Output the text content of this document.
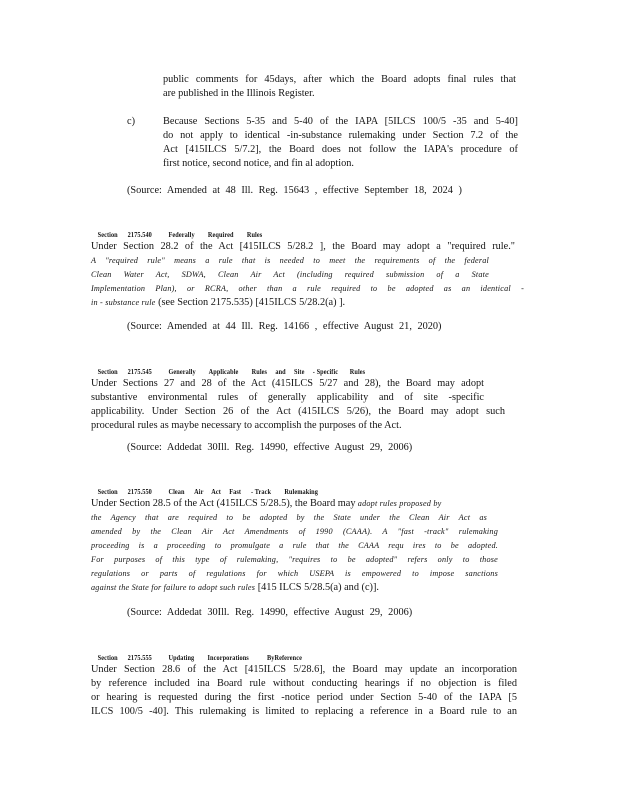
public comments for 45days, after which the Board adopts final rules that

are published in the Illinois Register.

c)	Because Sections 5-35 and 5-40 of the IAPA [5ILCS 100/5 -35 and 5-40]

do not apply to identical -in-substance rulemaking under Section 7.2 of the

Act [415ILCS 5/7.2], the Board does not follow the IAPA's procedure of

first notice, second notice, and fin al adoption.

(Source: Amended at 48 Ill. Reg. 15643 , effective September 18, 2024 )

Section 2175.540 Federally        Required        Rules

Under Section 28.2 of the Act [415ILCS 5/28.2 ], the Board may adopt a "required rule."

A "required rule" means a rule that is needed to meet the requirements of the federal

Clean Water Act, SDWA, Clean Air Act (including required submission of a State

Implementation Plan), or RCRA, other than a rule required to be adopted as an identical -

in - substance rule (see Section 2175.535) [415ILCS 5/28.2(a) ].

(Source: Amended at 44 Ill. Reg. 14166 , effective August 21, 2020)

Section 2175.545 Generally        Applicable        Rules     and     Site     - Specific       Rules

Under Sections 27 and 28 of the Act (415ILCS 5/27 and 28), the Board may adopt

substantive environmental rules of generally applicability and of site -specific

applicability. Under Section 26 of the Act (415ILCS 5/26), the Board may adopt such

procedural rules as maybe necessary to accomplish the purposes of the Act.

(Source: Addedat 30Ill. Reg. 14990, effective August 29, 2006)

Section 2175.550 Clean      Air     Act     Fast      - Track        Rulemaking

Under Section 28.5 of the Act (415ILCS 5/28.5), the Board may adopt rules proposed by

the Agency that are required to be adopted by the State under the Clean Air Act as

amended by the Clean Air Act Amendments of 1990 (CAAA). A "fast -track" rulemaking

proceeding is a proceeding to promulgate a rule that the CAAA requ ires to be adopted.

For purposes of this type of rulemaking, "requires to be adopted" refers only to those

regulations or parts of regulations for which USEPA is empowered to impose sanctions

against the State for failure to adopt such rules [415 ILCS 5/28.5(a) and (c)].

(Source: Addedat 30Ill. Reg. 14990, effective August 29, 2006)

Section 2175.555 Updating        Incorporations           ByReference

Under Section 28.6 of the Act [415ILCS 5/28.6], the Board may update an incorporation

by reference included ina Board rule without conducting hearings if no objection is filed

or hearing is requested during the first -notice period under Section 5-40 of the IAPA [5

ILCS 100/5 -40]. This rulemaking is limited to replacing a reference in a Board rule to an
